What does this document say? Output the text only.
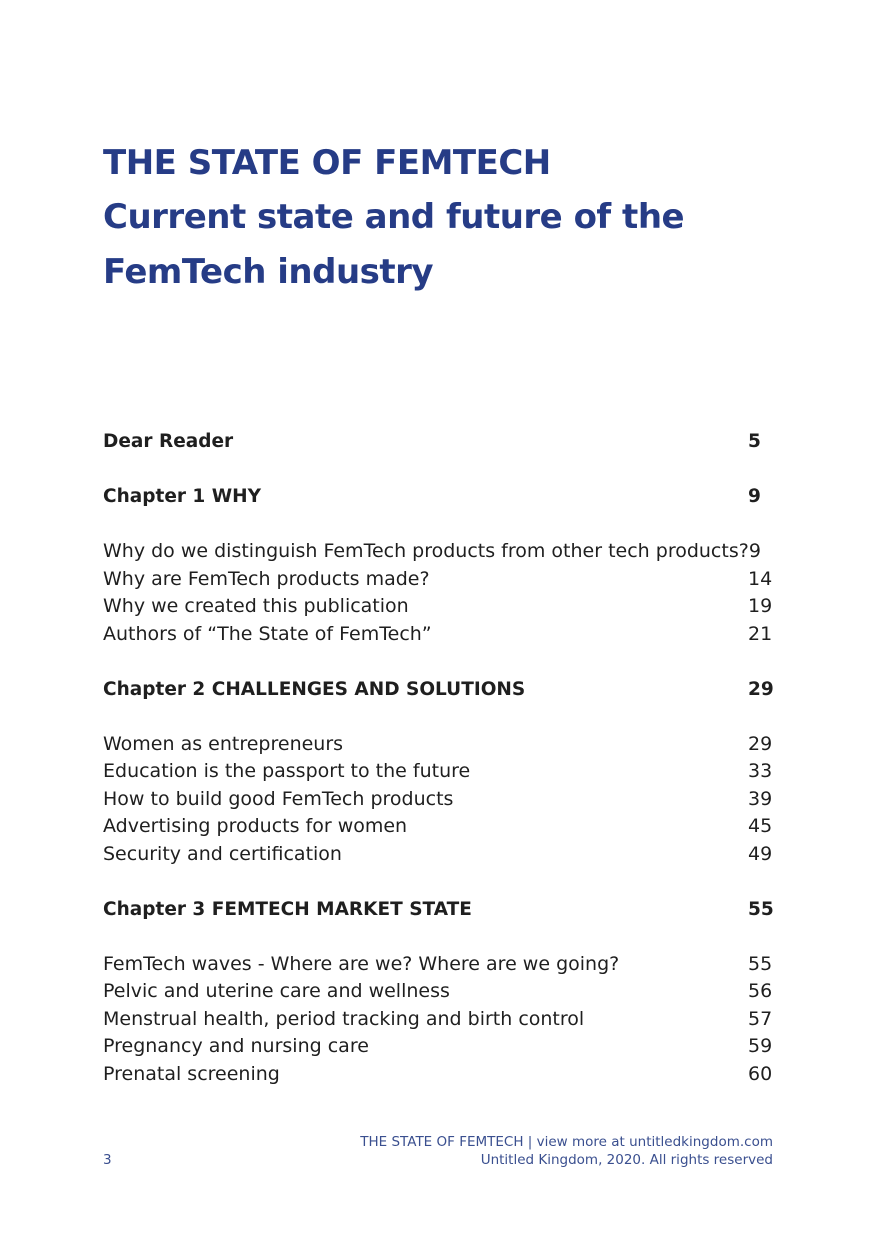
THE STATE OF FEMTECH
Current state and future of the
FemTech industry
Dear Reader	5
Chapter 1 WHY	9
Why do we distinguish FemTech products from other tech products? 9
Why are FemTech products made?	14
Why we created this publication	19
Authors of “The State of FemTech”	21
Chapter 2 CHALLENGES AND SOLUTIONS	29
Women as entrepreneurs	29
Education is the passport to the future	33
How to build good FemTech products	39
Advertising products for women	45
Security and certification	49
Chapter 3 FEMTECH MARKET STATE	55
FemTech waves - Where are we? Where are we going?	55
Pelvic and uterine care and wellness	56
Menstrual health, period tracking and birth control	57
Pregnancy and nursing care	59
Prenatal screening	60
THE STATE OF FEMTECH | view more at untitledkingdom.com
Untitled Kingdom, 2020. All rights reserved
3
